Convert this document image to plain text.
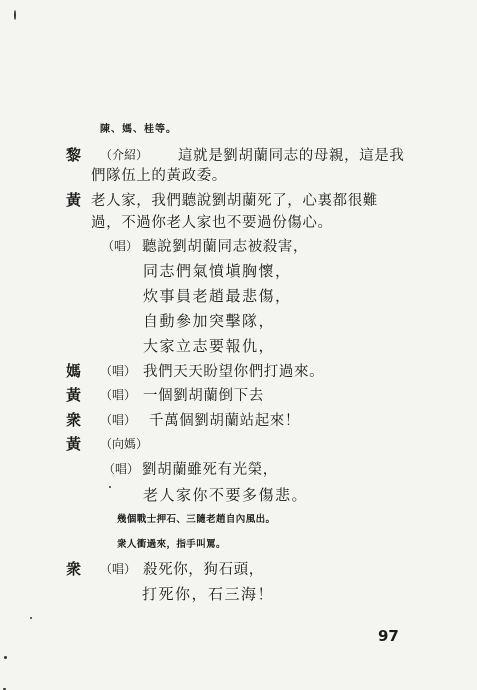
陳、媽、桂等。
黎 （介紹） 這就是劉胡蘭同志的母親，這是我
們隊伍上的黃政委。
黃 老人家，我們聽說劉胡蘭死了，心裏都很難
過，不過你老人家也不要過份傷心。
（唱） 聽說劉胡蘭同志被殺害，
同志們氣憤塡胸懷，
炊事員老趙最悲傷，
自動參加突擊隊，
大家立志要報仇，
媽 （唱） 我們天天盼望你們打過來。
黃 （唱） 一個劉胡蘭倒下去
衆 （唱） 千萬個劉胡蘭站起來！
黃 （向媽）
（唱） 劉胡蘭雖死有光榮，
老人家你不要多傷悲。
幾個戰士押石、三隨老趙自內風出。
衆人衝過來，指手叫罵。
衆 （唱） 殺死你，狗石頭，
打死你，石三海！
97
